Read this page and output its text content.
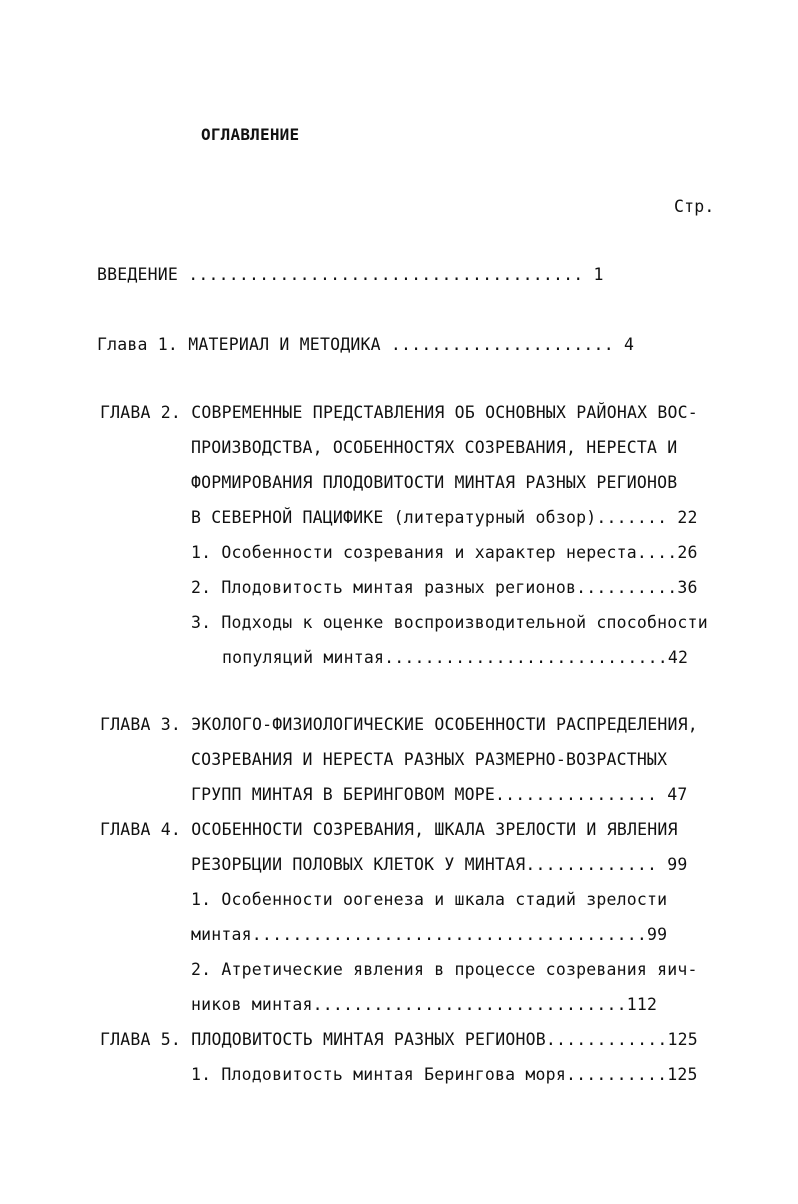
ОГЛАВЛЕНИЕ
Стр.
ВВЕДЕНИЕ ....................................... 1
Глава 1. МАТЕРИАЛ И МЕТОДИКА ...................... 4
ГЛАВА 2. СОВРЕМЕННЫЕ ПРЕДСТАВЛЕНИЯ ОБ ОСНОВНЫХ РАЙОНАХ ВОС-
ПРОИЗВОДСТВА, ОСОБЕННОСТЯХ СОЗРЕВАНИЯ, НЕРЕСТА И
ФОРМИРОВАНИЯ ПЛОДОВИТОСТИ МИНТАЯ РАЗНЫХ РЕГИОНОВ
В СЕВЕРНОЙ ПАЦИФИКЕ (литературный обзор)....... 22
1. Особенности созревания и характер нереста....26
2. Плодовитость минтая разных регионов..........36
3. Подходы к оценке воспроизводительной способности
популяций минтая............................42
ГЛАВА 3. ЭКОЛОГО-ФИЗИОЛОГИЧЕСКИЕ ОСОБЕННОСТИ РАСПРЕДЕЛЕНИЯ,
СОЗРЕВАНИЯ И НЕРЕСТА РАЗНЫХ РАЗМЕРНО-ВОЗРАСТНЫХ
ГРУПП МИНТАЯ В БЕРИНГОВОМ МОРЕ................ 47
ГЛАВА 4. ОСОБЕННОСТИ СОЗРЕВАНИЯ, ШКАЛА ЗРЕЛОСТИ И ЯВЛЕНИЯ
РЕЗОРБЦИИ ПОЛОВЫХ КЛЕТОК У МИНТАЯ............. 99
1. Особенности оогенеза и шкала стадий зрелости
минтая.......................................99
2. Атретические явления в процессе созревания яич-
ников минтая...............................112
ГЛАВА 5. ПЛОДОВИТОСТЬ МИНТАЯ РАЗНЫХ РЕГИОНОВ............125
1. Плодовитость минтая Берингова моря..........125
